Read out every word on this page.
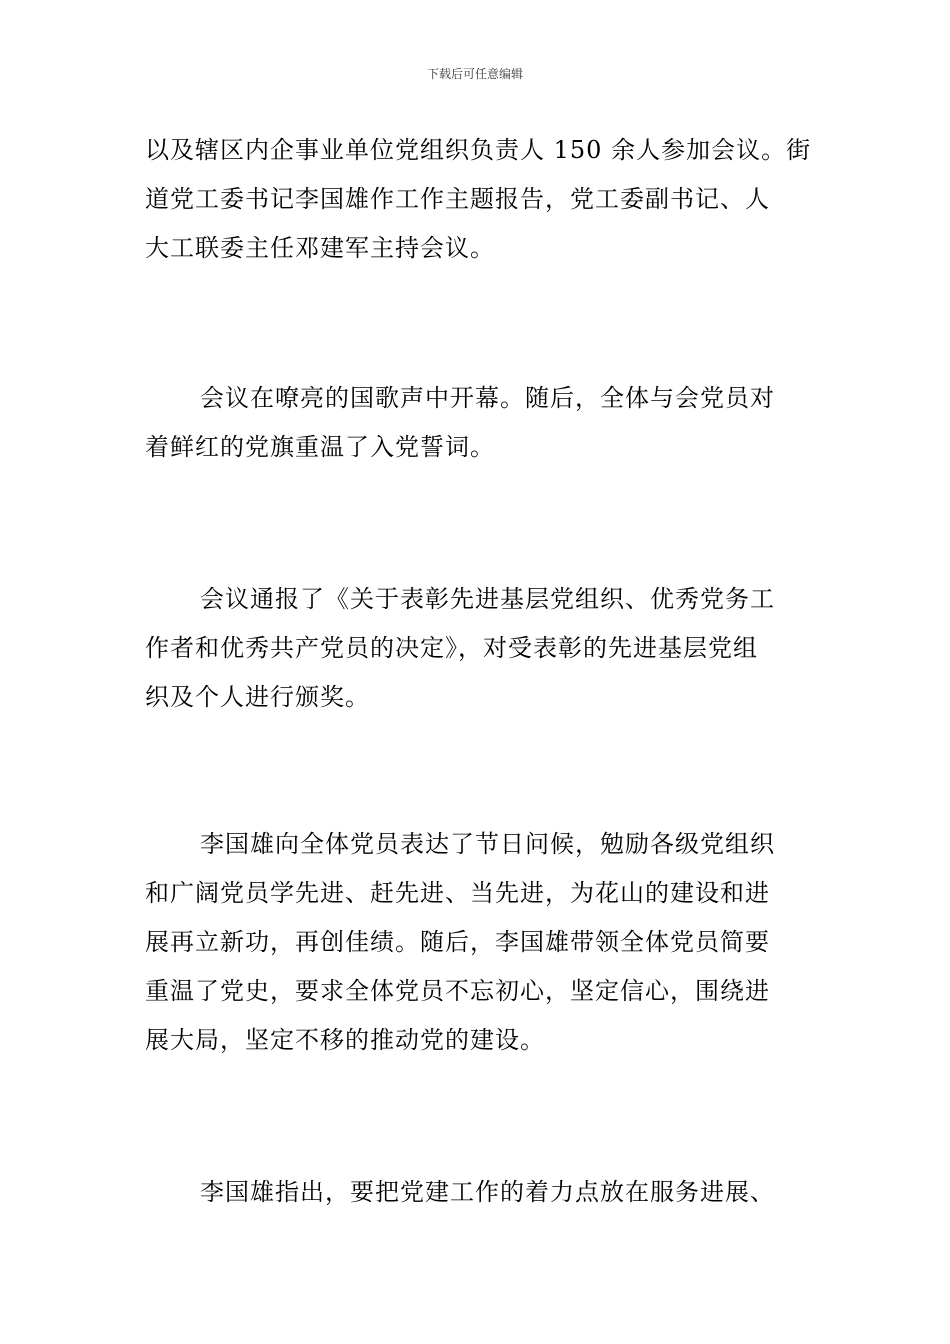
下载后可任意编辑
以及辖区内企事业单位党组织负责人 150 余人参加会议。街
道党工委书记李国雄作工作主题报告，党工委副书记、人
大工联委主任邓建军主持会议。
会议在嘹亮的国歌声中开幕。随后，全体与会党员对
着鲜红的党旗重温了入党誓词。
会议通报了《关于表彰先进基层党组织、优秀党务工
作者和优秀共产党员的决定》，对受表彰的先进基层党组
织及个人进行颁奖。
李国雄向全体党员表达了节日问候，勉励各级党组织
和广阔党员学先进、赶先进、当先进，为花山的建设和进
展再立新功，再创佳绩。随后，李国雄带领全体党员简要
重温了党史，要求全体党员不忘初心，坚定信心，围绕进
展大局，坚定不移的推动党的建设。
李国雄指出，要把党建工作的着力点放在服务进展、
